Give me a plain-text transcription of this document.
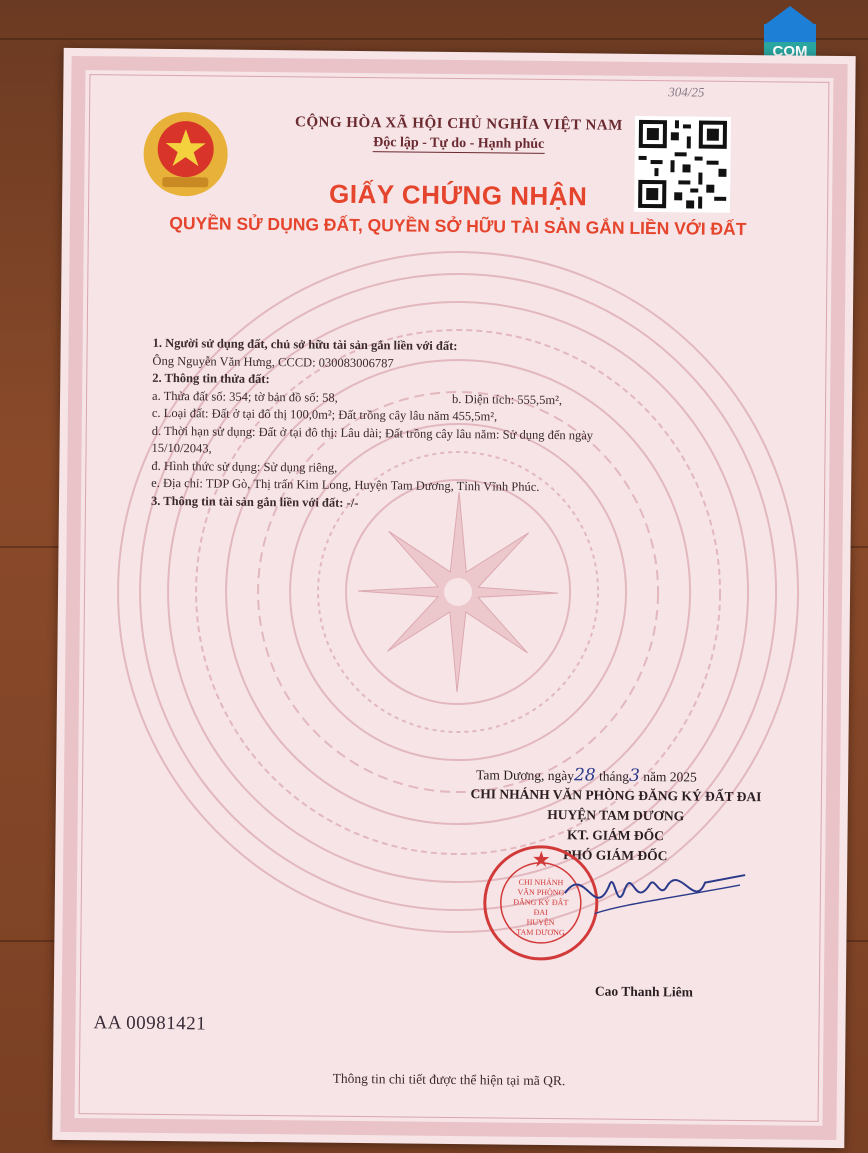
COM
304/25
CỘNG HÒA XÃ HỘI CHỦ NGHĨA VIỆT NAM
Độc lập - Tự do - Hạnh phúc
GIẤY CHỨNG NHẬN
QUYỀN SỬ DỤNG ĐẤT, QUYỀN SỞ HỮU TÀI SẢN GẮN LIỀN VỚI ĐẤT
1. Người sử dụng đất, chủ sở hữu tài sản gắn liền với đất:
Ông Nguyễn Văn Hưng, CCCD: 030083006787
2. Thông tin thửa đất:
a. Thửa đất số: 354; tờ bản đồ số: 58,	b. Diện tích: 555,5m²,
c. Loại đất: Đất ở tại đô thị 100,0m²; Đất trồng cây lâu năm 455,5m²,
d. Thời hạn sử dụng: Đất ở tại đô thị: Lâu dài; Đất trồng cây lâu năm: Sử dụng đến ngày
15/10/2043,
đ. Hình thức sử dụng: Sử dụng riêng,
e. Địa chỉ: TDP Gò, Thị trấn Kim Long, Huyện Tam Dương, Tỉnh Vĩnh Phúc.
3. Thông tin tài sản gắn liền với đất: -/-
Tam Dương, ngày28 tháng3 năm 2025
CHI NHÁNH VĂN PHÒNG ĐĂNG KÝ ĐẤT ĐAI
HUYỆN TAM DƯƠNG
KT. GIÁM ĐỐC
PHÓ GIÁM ĐỐC
CHI NHÁNH
VĂN PHÒNG
ĐĂNG KÝ ĐẤT
ĐAI
HUYỆN
TAM DƯƠNG
Cao Thanh Liêm
AA 00981421
Thông tin chi tiết được thể hiện tại mã QR.
